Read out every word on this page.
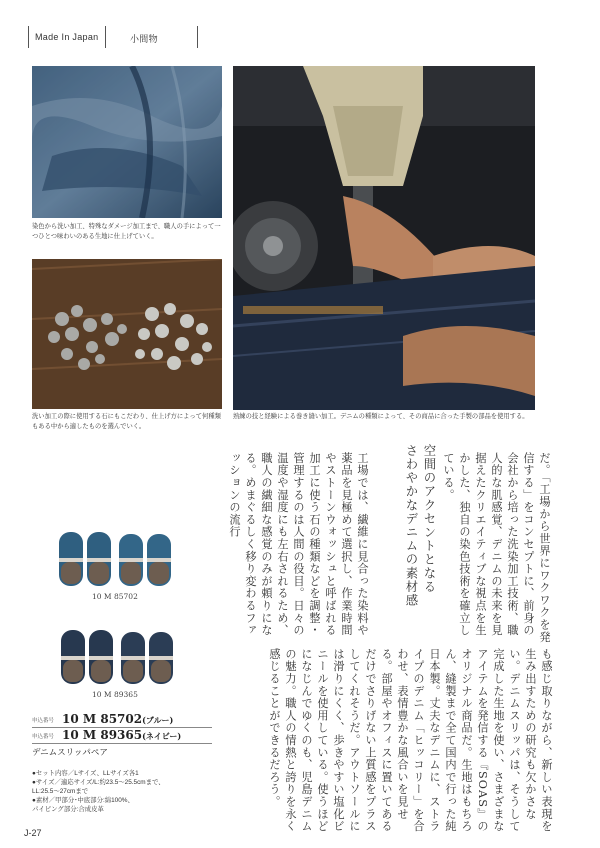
Made In Japan	小間物
染色から洗い加工、特殊なダメージ加工まで、職人の手によって一つひとつ味わいのある生地に仕上げていく。
洗い加工の際に使用する石にもこだわり、仕上げ方によって何種類もある中から適したものを選んでいく。
熟練の技と経験による巻き縫い加工。デニムの種類によって、その商品に合った手製の部品を使用する。
空間のアクセントとなる
さわやかなデニムの素材感
工場では、繊維に見合った染料や薬品を見極めて選択し、作業時間やストーンウォッシュと呼ばれる加工に使う石の種類などを調整・管理するのは人間の役目。日々の温度や湿度にも左右されるため、職人の繊細な感覚のみが頼りになる。めまぐるしく移り変わるファッションの流行	だ。「工場から世界にワクワクを発信する」をコンセプトに、前身の会社から培った洗染加工技術、職人的な肌感覚、デニムの未来を見据えたクリエイティブな視点を生かした、独自の染色技術を確立している。
も感じ取りながら、新しい表現を生み出すための研究も欠かさない。デニムスリッパは、そうして完成した生地を使い、さまざまなアイテムを発信する『SOAS』のオリジナル商品だ。生地はもちろん、縫製まで全て国内で行った純日本製。丈夫なデニムに、ストライプのデニム「ヒッコリー」を合わせ、表情豊かな風合いを見せる。部屋やオフィスに置いてあるだけでさりげない上質感をプラスしてくれそうだ。アウトソールには滑りにくく、歩きやすい塩化ビニールを使用している。使うほどになじんでゆくのも、児島デニムの魅力。職人の情熱と誇りを永く感じることができるだろう。
10 M 85702
10 M 89365
申込番号 10 M 85702(ブルー)
申込番号 10 M 89365(ネイビー)
デニムスリッパペア
●セット内容／Lサイズ、LLサイズ各1
●サイズ／適応サイズ/L:約23.5～25.5cmまで、
LL:25.5～27cmまで
●素材／甲部分･中底部分:綿100%、
パイピング部分:合成皮革
J-27
